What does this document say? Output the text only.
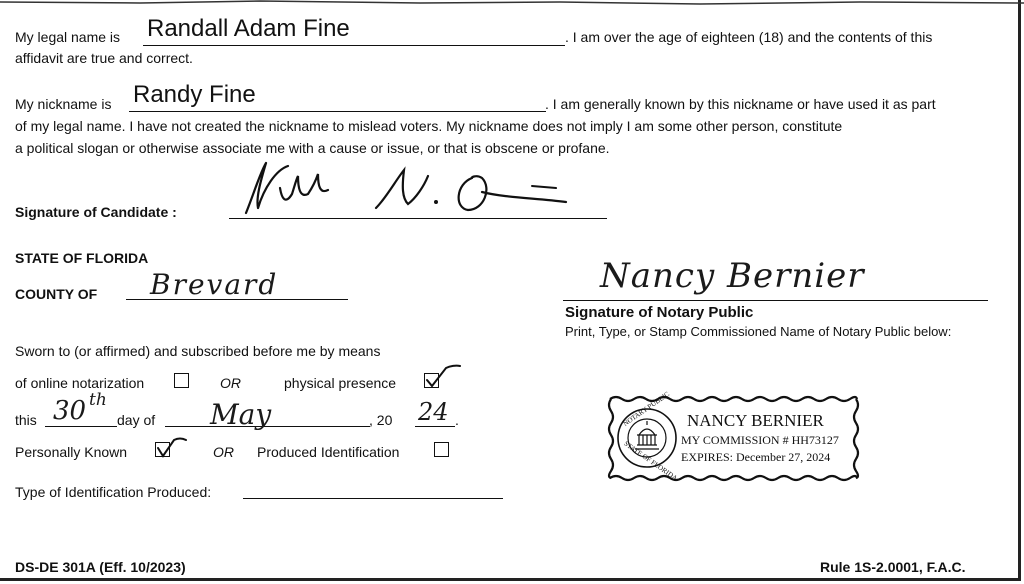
My legal name is Randall Adam Fine	. I am over the age of eighteen (18) and the contents of this
affidavit are true and correct.
My nickname is Randy Fine	. I am generally known by this nickname or have used it as part
of my legal name. I have not created the nickname to mislead voters. My nickname does not imply I am some other person, constitute
a political slogan or otherwise associate me with a cause or issue, or that is obscene or profane.
Signature of Candidate :
STATE OF FLORIDA
COUNTY OF Brevard	Nancy Bernier
Signature of Notary Public
Print, Type, or Stamp Commissioned Name of Notary Public below:
Sworn to (or affirmed) and subscribed before me by means
of online notarization	OR	physical presence
this 30 th
day of May	, 20 24 .
Personally Known	OR Produced Identification
Type of Identification Produced:
NOTARY PUBLIC
STATE OF FLORIDA
NANCY BERNIER
MY COMMISSION # HH73127
EXPIRES: December 27, 2024
DS-DE 301A (Eff. 10/2023)	Rule 1S-2.0001, F.A.C.
